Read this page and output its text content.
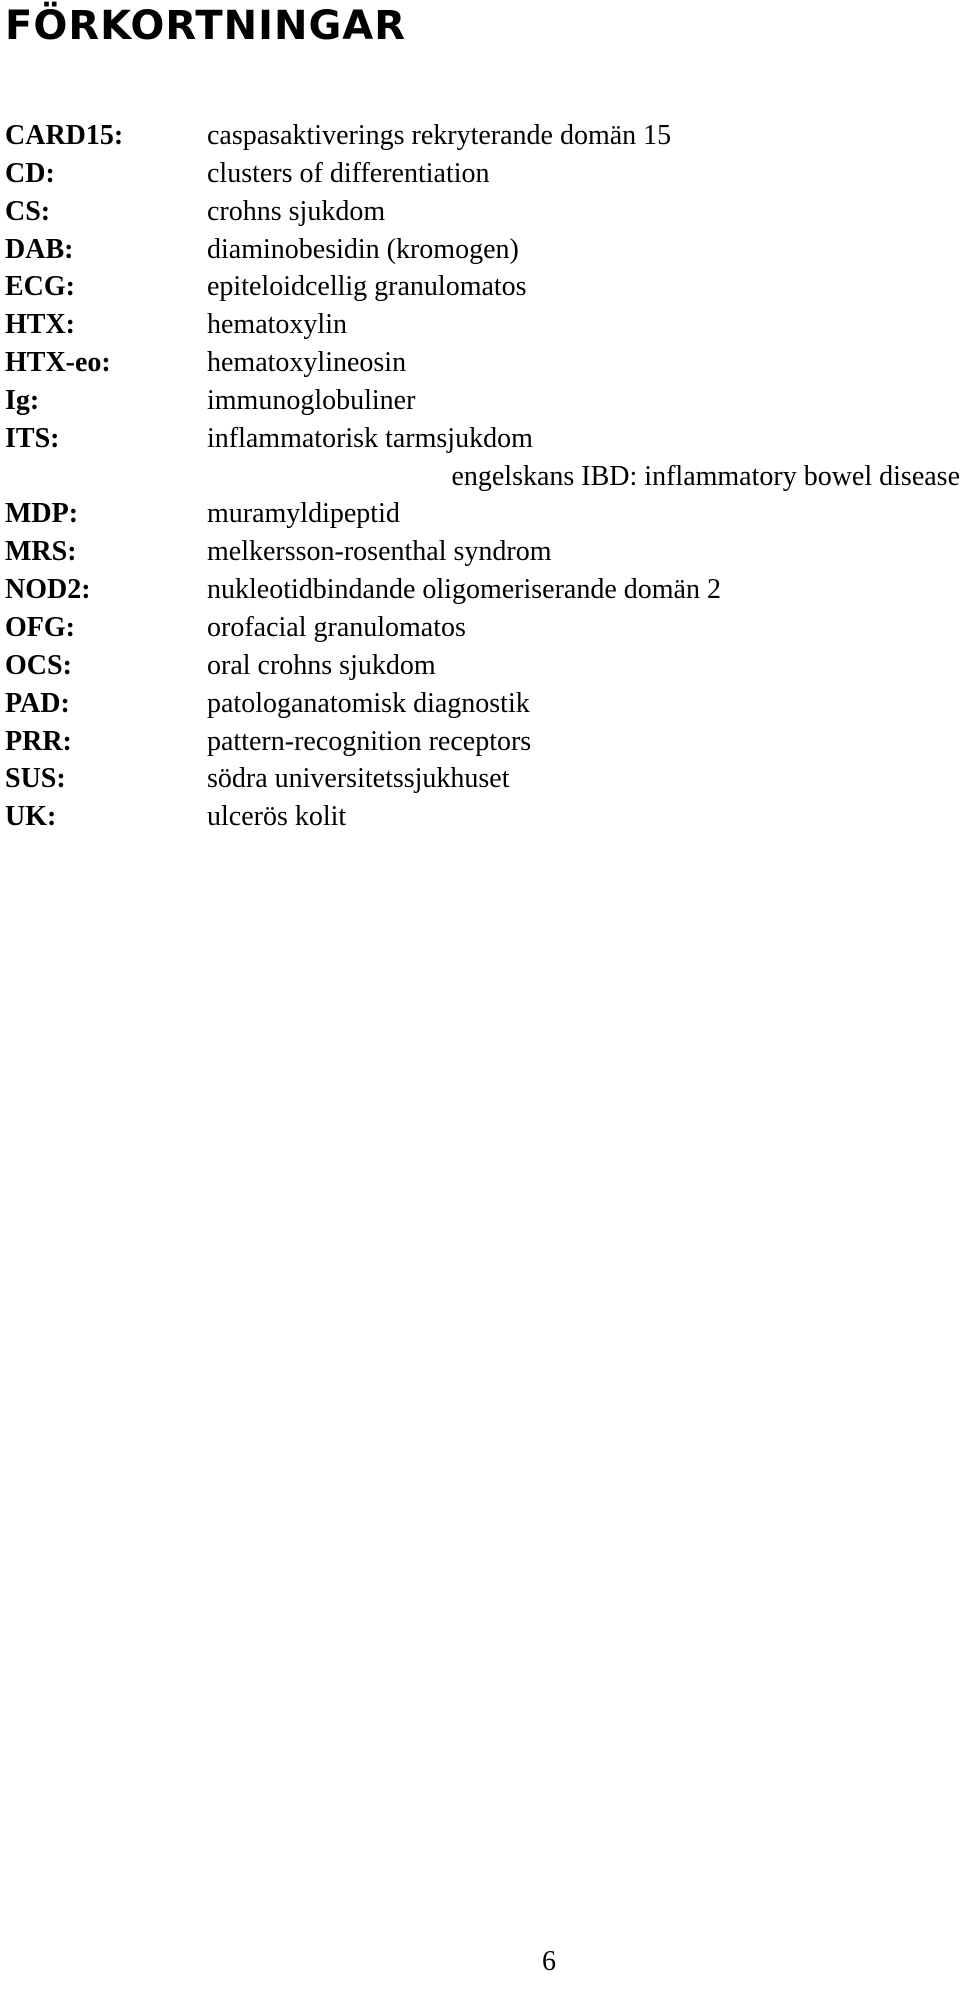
FÖRKORTNINGAR
CARD15:	caspasaktiverings rekryterande domän 15
CD:	clusters of differentiation
CS:	crohns sjukdom
DAB:	diaminobesidin (kromogen)
ECG:	epiteloidcellig granulomatos
HTX:	hematoxylin
HTX-eo:	hematoxylineosin
Ig:	immunoglobuliner
ITS:	inflammatorisk tarmsjukdom
engelskans IBD: inflammatory bowel disease
MDP:	muramyldipeptid
MRS:	melkersson-rosenthal syndrom
NOD2:	nukleotidbindande oligomeriserande domän 2
OFG:	orofacial granulomatos
OCS:	oral crohns sjukdom
PAD:	patologanatomisk diagnostik
PRR:	pattern-recognition receptors
SUS:	södra universitetssjukhuset
UK:	ulcerös kolit

6
